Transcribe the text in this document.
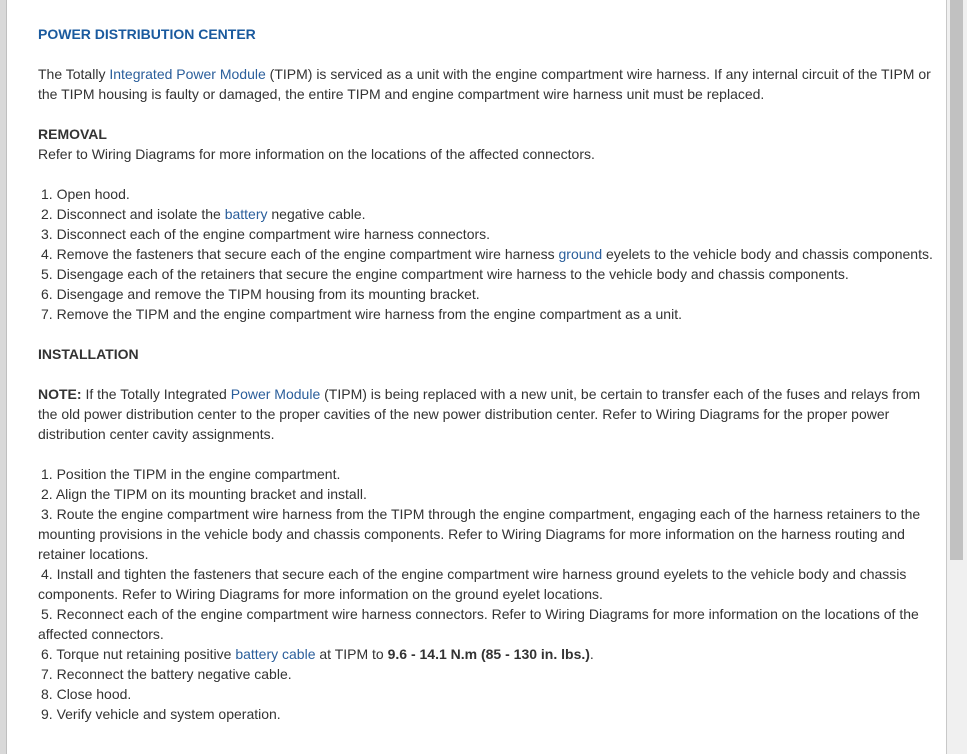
POWER DISTRIBUTION CENTER

The Totally Integrated Power Module (TIPM) is serviced as a unit with the engine compartment wire harness. If any internal circuit of the TIPM or the TIPM housing is faulty or damaged, the entire TIPM and engine compartment wire harness unit must be replaced.

REMOVAL

Refer to Wiring Diagrams for more information on the locations of the affected connectors.

1. Open hood.
2. Disconnect and isolate the battery negative cable.
3. Disconnect each of the engine compartment wire harness connectors.
4. Remove the fasteners that secure each of the engine compartment wire harness ground eyelets to the vehicle body and chassis components.
5. Disengage each of the retainers that secure the engine compartment wire harness to the vehicle body and chassis components.
6. Disengage and remove the TIPM housing from its mounting bracket.
7. Remove the TIPM and the engine compartment wire harness from the engine compartment as a unit.

INSTALLATION

NOTE: If the Totally Integrated Power Module (TIPM) is being replaced with a new unit, be certain to transfer each of the fuses and relays from the old power distribution center to the proper cavities of the new power distribution center. Refer to Wiring Diagrams for the proper power distribution center cavity assignments.

1. Position the TIPM in the engine compartment.
2. Align the TIPM on its mounting bracket and install.
3. Route the engine compartment wire harness from the TIPM through the engine compartment, engaging each of the harness retainers to the mounting provisions in the vehicle body and chassis components. Refer to Wiring Diagrams for more information on the harness routing and retainer locations.
4. Install and tighten the fasteners that secure each of the engine compartment wire harness ground eyelets to the vehicle body and chassis components. Refer to Wiring Diagrams for more information on the ground eyelet locations.
5. Reconnect each of the engine compartment wire harness connectors. Refer to Wiring Diagrams for more information on the locations of the affected connectors.
6. Torque nut retaining positive battery cable at TIPM to 9.6 - 14.1 N.m (85 - 130 in. lbs.).
7. Reconnect the battery negative cable.
8. Close hood.
9. Verify vehicle and system operation.
